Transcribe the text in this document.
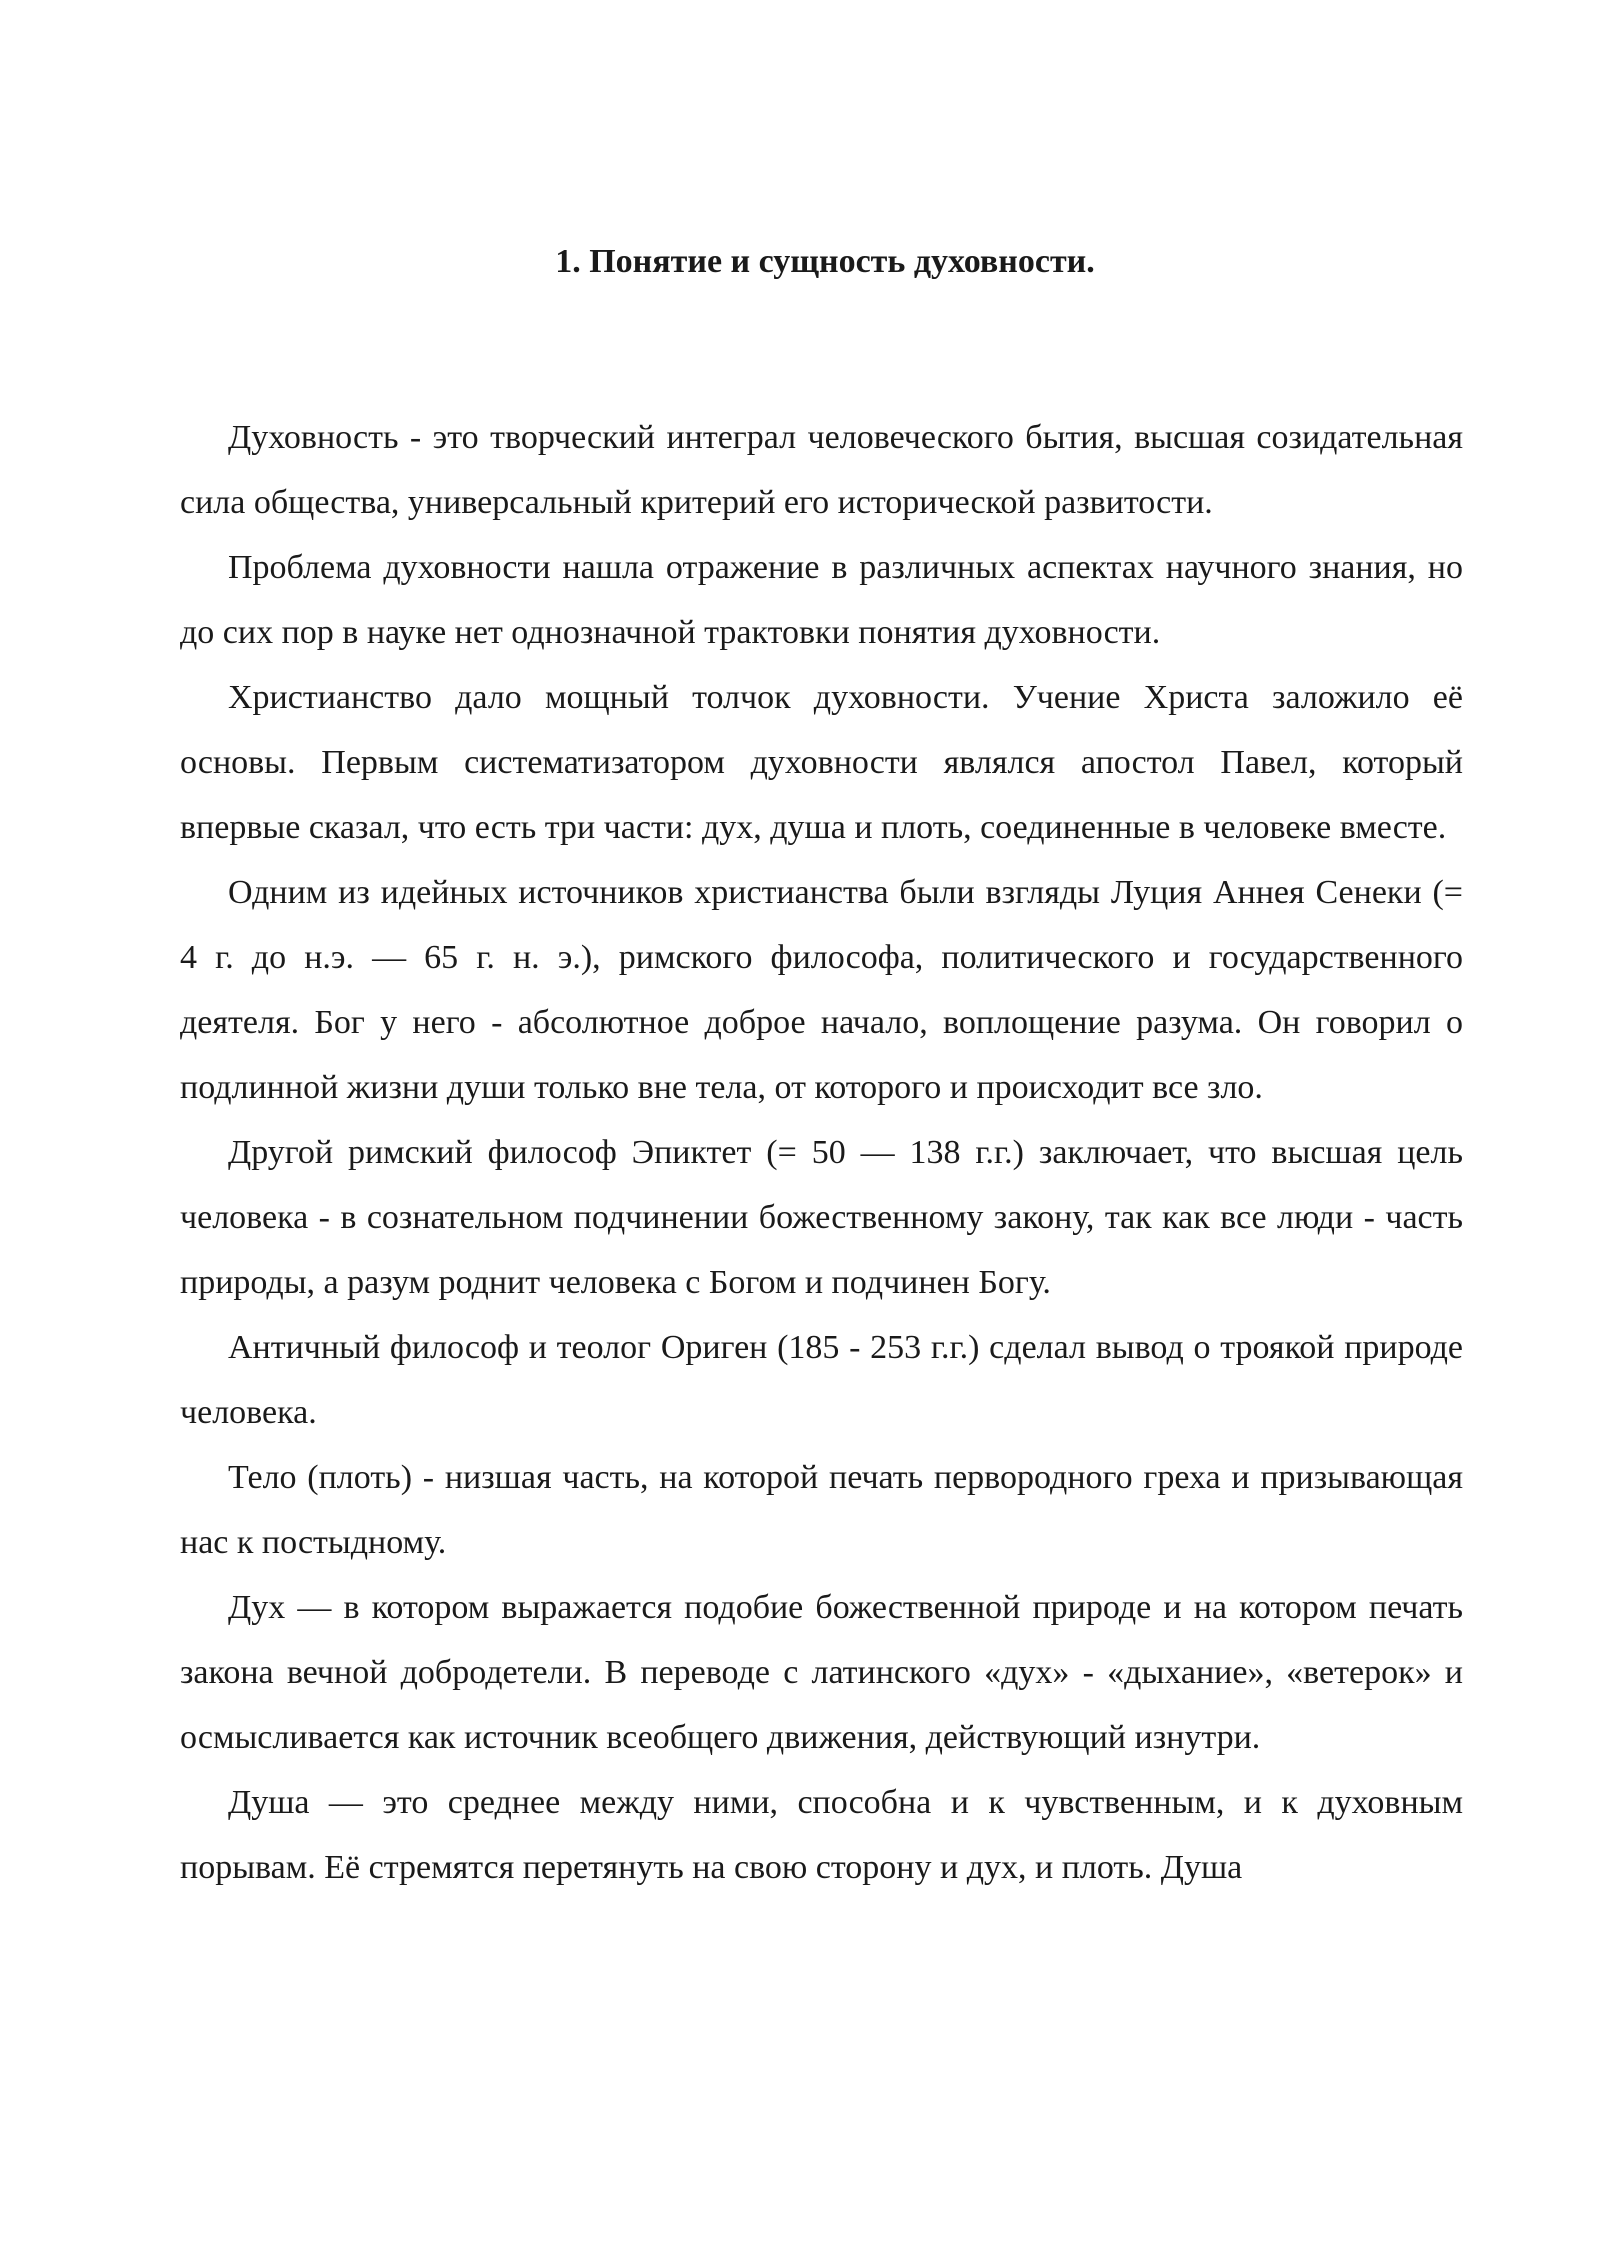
1. Понятие и сущность духовности.

Духовность - это творческий интеграл человеческого бытия, высшая созидательная сила общества, универсальный критерий его исторической развитости.

Проблема духовности нашла отражение в различных аспектах научного знания, но до сих пор в науке нет однозначной трактовки понятия духовности.

Христианство дало мощный толчок духовности. Учение Христа заложило её основы. Первым систематизатором духовности являлся апостол Павел, который впервые сказал, что есть три части: дух, душа и плоть, соединенные в человеке вместе.

Одним из идейных источников христианства были взгляды Луция Аннея Сенеки (= 4 г. до н.э. — 65 г. н. э.), римского философа, политического и государственного деятеля. Бог у него - абсолютное доброе начало, воплощение разума. Он говорил о подлинной жизни души только вне тела, от которого и происходит все зло.

Другой римский философ Эпиктет (= 50 — 138 г.г.) заключает, что высшая цель человека - в сознательном подчинении божественному закону, так как все люди - часть природы, а разум роднит человека с Богом и подчинен Богу.

Античный философ и теолог Ориген (185 - 253 г.г.) сделал вывод о троякой природе человека.

Тело (плоть) - низшая часть, на которой печать первородного греха и призывающая нас к постыдному.

Дух — в котором выражается подобие божественной природе и на котором печать закона вечной добродетели. В переводе с латинского «дух» - «дыхание», «ветерок» и осмысливается как источник всеобщего движения, действующий изнутри.

Душа — это среднее между ними, способна и к чувственным, и к духовным порывам. Её стремятся перетянуть на свою сторону и дух, и плоть. Душа
